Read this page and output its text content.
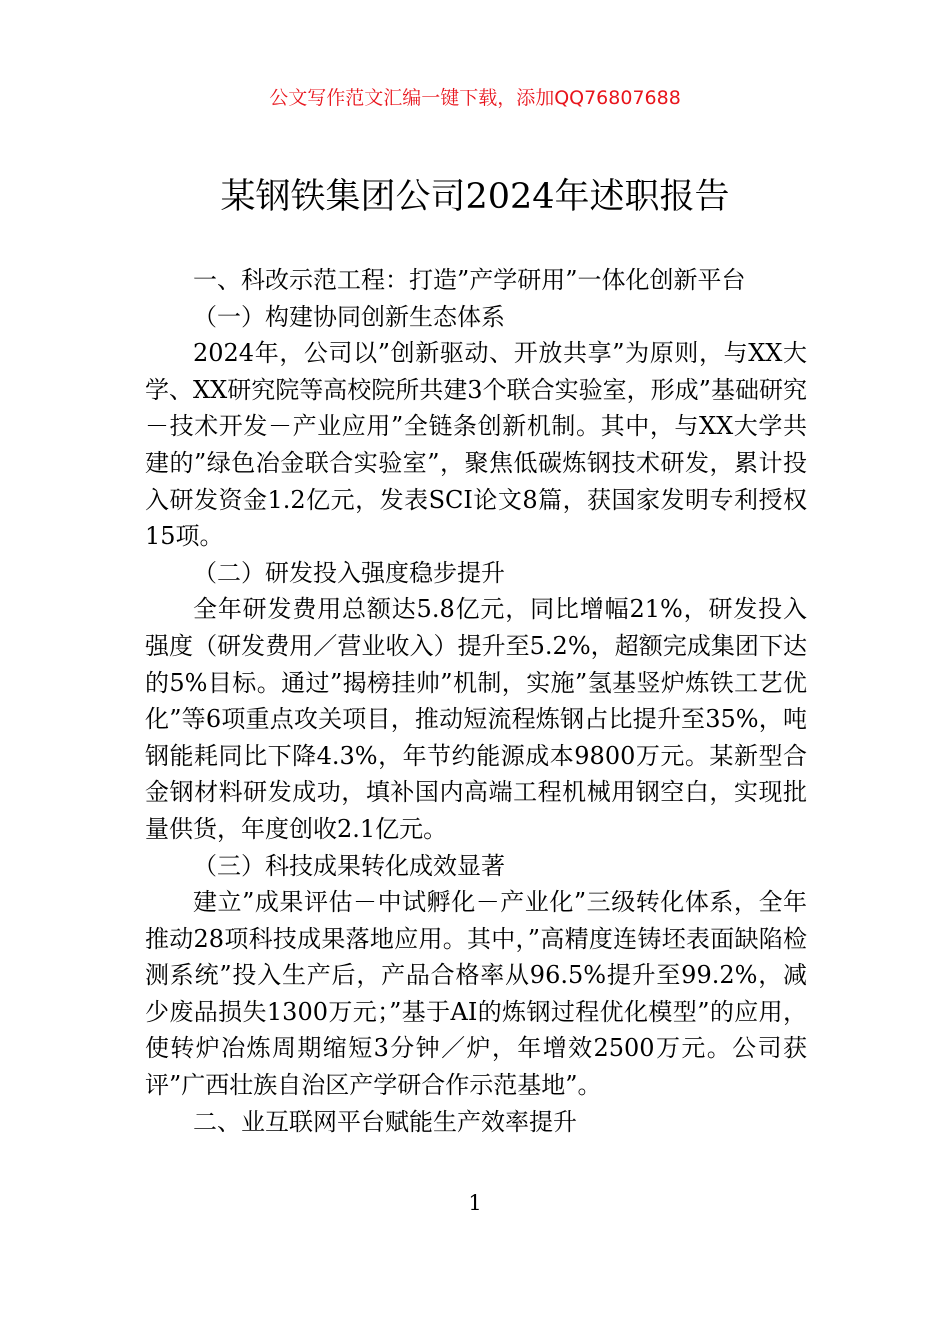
公文写作范文汇编一键下载，添加QQ76807688
某钢铁集团公司2024年述职报告

一、科改示范工程：打造”产学研用”一体化创新平台

（一）构建协同创新生态体系

2024年，公司以”创新驱动、开放共享”为原则，与XX大学、XX研究院等高校院所共建3个联合实验室，形成”基础研究－技术开发－产业应用”全链条创新机制。其中，与XX大学共建的”绿色冶金联合实验室”，聚焦低碳炼钢技术研发，累计投入研发资金1.2亿元，发表SCI论文8篇，获国家发明专利授权15项。

（二）研发投入强度稳步提升

全年研发费用总额达5.8亿元，同比增幅21%，研发投入强度（研发费用／营业收入）提升至5.2%，超额完成集团下达的5%目标。通过”揭榜挂帅”机制，实施”氢基竖炉炼铁工艺优化”等6项重点攻关项目，推动短流程炼钢占比提升至35%，吨钢能耗同比下降4.3%，年节约能源成本9800万元。某新型合金钢材料研发成功，填补国内高端工程机械用钢空白，实现批量供货，年度创收2.1亿元。

（三）科技成果转化成效显著

建立”成果评估－中试孵化－产业化”三级转化体系，全年推动28项科技成果落地应用。其中，”高精度连铸坯表面缺陷检测系统”投入生产后，产品合格率从96.5%提升至99.2%，减少废品损失1300万元；”基于AI的炼钢过程优化模型”的应用，使转炉冶炼周期缩短3分钟／炉，年增效2500万元。公司获评”广西壮族自治区产学研合作示范基地”。

二、业互联网平台赋能生产效率提升

1
